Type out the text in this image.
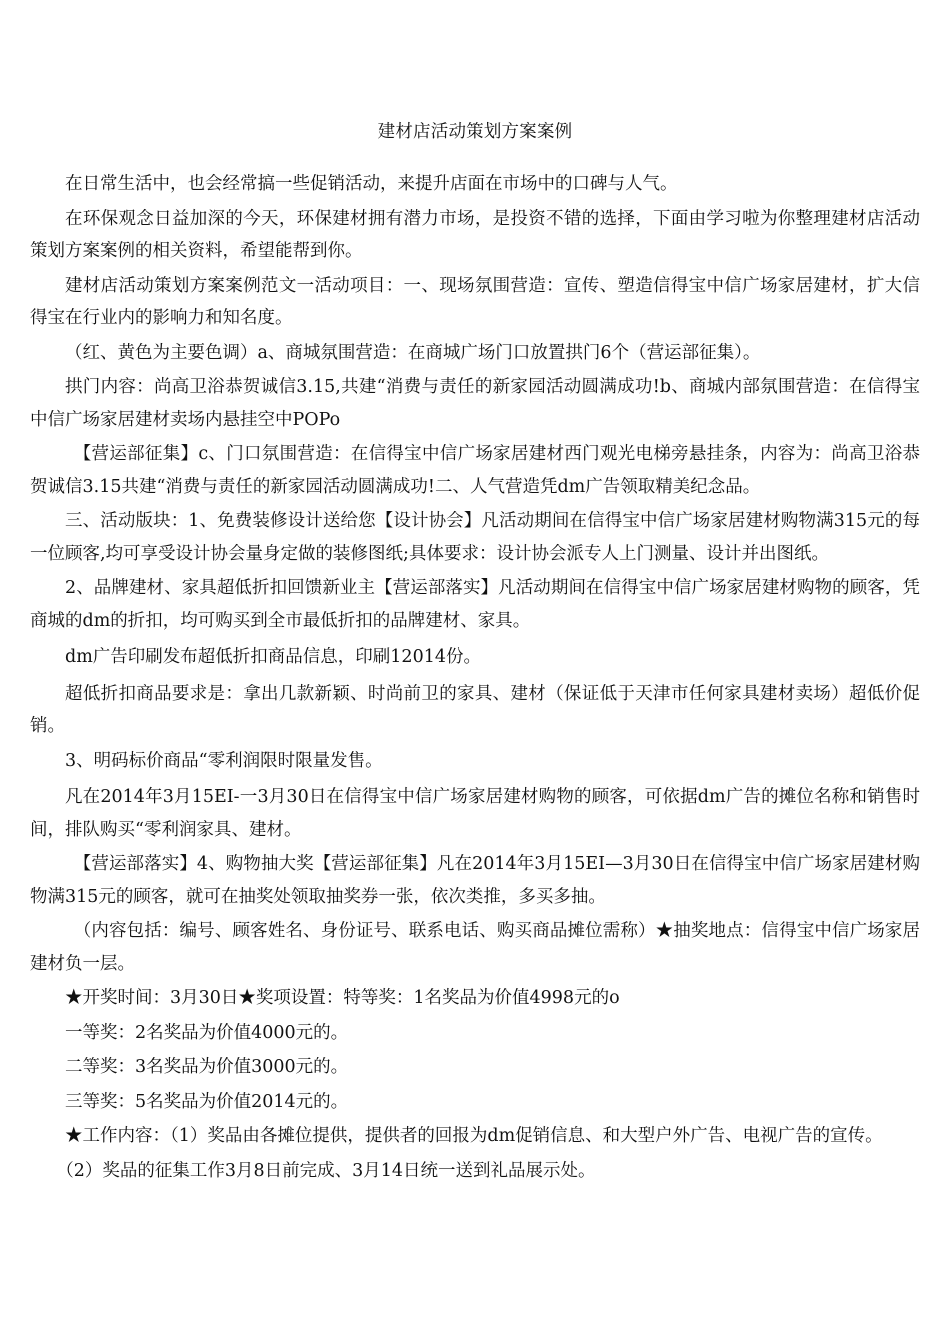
建材店活动策划方案案例

在日常生活中，也会经常搞一些促销活动，来提升店面在市场中的口碑与人气。

在环保观念日益加深的今天，环保建材拥有潜力市场，是投资不错的选择，下面由学习啦为你整理建材店活动策划方案案例的相关资料，希望能帮到你。

建材店活动策划方案案例范文一活动项目：一、现场氛围营造：宣传、塑造信得宝中信广场家居建材，扩大信得宝在行业内的影响力和知名度。

（红、黄色为主要色调）a、商城氛围营造：在商城广场门口放置拱门6个（营运部征集）。

拱门内容：尚高卫浴恭贺诚信3.15,共建“消费与责任的新家园活动圆满成功!b、商城内部氛围营造：在信得宝中信广场家居建材卖场内悬挂空中POPo

【营运部征集】c、门口氛围营造：在信得宝中信广场家居建材西门观光电梯旁悬挂条，内容为：尚高卫浴恭贺诚信3.15共建“消费与责任的新家园活动圆满成功!二、人气营造凭dm广告领取精美纪念品。

三、活动版块：1、免费装修设计送给您【设计协会】凡活动期间在信得宝中信广场家居建材购物满315元的每一位顾客,均可享受设计协会量身定做的装修图纸;具体要求：设计协会派专人上门测量、设计并出图纸。

2、品牌建材、家具超低折扣回馈新业主【营运部落实】凡活动期间在信得宝中信广场家居建材购物的顾客，凭商城的dm的折扣，均可购买到全市最低折扣的品牌建材、家具。

dm广告印刷发布超低折扣商品信息，印刷12014份。

超低折扣商品要求是：拿出几款新颖、时尚前卫的家具、建材（保证低于天津市任何家具建材卖场）超低价促销。

3、明码标价商品“零利润限时限量发售。

凡在2014年3月15EI-一3月30日在信得宝中信广场家居建材购物的顾客，可依据dm广告的摊位名称和销售时间，排队购买“零利润家具、建材。

【营运部落实】4、购物抽大奖【营运部征集】凡在2014年3月15EI—3月30日在信得宝中信广场家居建材购物满315元的顾客，就可在抽奖处领取抽奖券一张，依次类推，多买多抽。

（内容包括：编号、顾客姓名、身份证号、联系电话、购买商品摊位需称）★抽奖地点：信得宝中信广场家居建材负一层。

★开奖时间：3月30日★奖项设置：特等奖：1名奖品为价值4998元的o

一等奖：2名奖品为价值4000元的。

二等奖：3名奖品为价值3000元的。

三等奖：5名奖品为价值2014元的。

★工作内容：（1）奖品由各摊位提供，提供者的回报为dm促销信息、和大型户外广告、电视广告的宣传。

（2）奖品的征集工作3月8日前完成、3月14日统一送到礼品展示处。
